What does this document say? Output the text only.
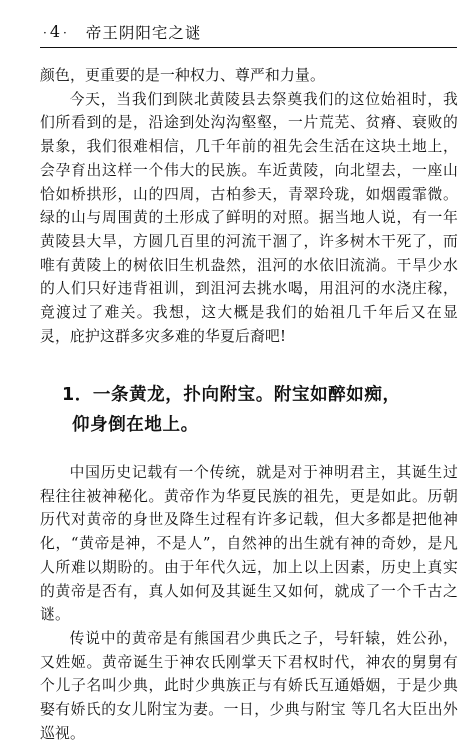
· 4 · 帝王阴阳宅之谜

颜色，更重要的是一种权力、尊严和力量。

今天，当我们到陕北黄陵县去祭奠我们的这位始祖时，我们所看到的是，沿途到处沟沟壑壑，一片荒芜、贫瘠、衰败的景象，我们很难相信，几千年前的祖先会生活在这块土地上，会孕育出这样一个伟大的民族。车近黄陵，向北望去，一座山恰如桥拱形，山的四周，古柏参天，青翠玲珑，如烟霞霏微。绿的山与周围黄的土形成了鲜明的对照。据当地人说，有一年黄陵县大旱，方圆几百里的河流干涸了，许多树木干死了，而唯有黄陵上的树依旧生机盎然，沮河的水依旧流淌。干旱少水的人们只好违背祖训，到沮河去挑水喝，用沮河的水浇庄稼，竟渡过了难关。我想，这大概是我们的始祖几千年后又在显灵，庇护这群多灾多难的华夏后裔吧!

1．一条黄龙，扑向附宝。附宝如醉如痴，
仰身倒在地上。

中国历史记载有一个传统，就是对于神明君主，其诞生过程往往被神秘化。黄帝作为华夏民族的祖先，更是如此。历朝历代对黄帝的身世及降生过程有许多记载，但大多都是把他神化，“黄帝是神，不是人”，自然神的出生就有神的奇妙，是凡人所难以期盼的。由于年代久远，加上以上因素，历史上真实的黄帝是否有，真人如何及其诞生又如何，就成了一个千古之谜。

传说中的黄帝是有熊国君少典氏之子，号轩辕，姓公孙，又姓姬。黄帝诞生于神农氏刚掌天下君权时代，神农的舅舅有个儿子名叫少典，此时少典族正与有娇氏互通婚姻，于是少典娶有娇氏的女儿附宝为妻。一日，少典与附宝 等几名大臣出外巡视。
